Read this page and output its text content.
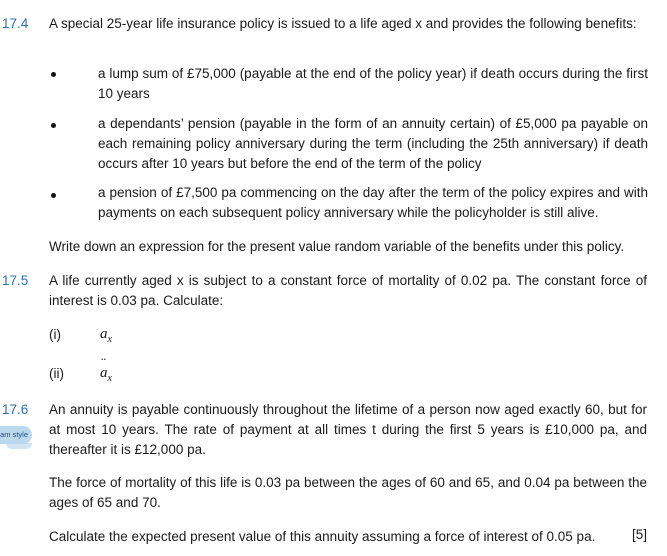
17.4 A special 25-year life insurance policy is issued to a life aged x and provides the following benefits:
a lump sum of £75,000 (payable at the end of the policy year) if death occurs during the first 10 years
a dependants’ pension (payable in the form of an annuity certain) of £5,000 pa payable on each remaining policy anniversary during the term (including the 25th anniversary) if death occurs after 10 years but before the end of the term of the policy
a pension of £7,500 pa commencing on the day after the term of the policy expires and with payments on each subsequent policy anniversary while the policyholder is still alive.
Write down an expression for the present value random variable of the benefits under this policy.
17.5 A life currently aged x is subject to a constant force of mortality of 0.02 pa. The constant force of interest is 0.03 pa. Calculate:
(i)	$a_x$
(ii)
¨ $a_x$
am style
17.6 An annuity is payable continuously throughout the lifetime of a person now aged exactly 60, but for at most 10 years. The rate of payment at all times t during the first 5 years is £10,000 pa, and thereafter it is £12,000 pa.
The force of mortality of this life is 0.03 pa between the ages of 60 and 65, and 0.04 pa between the ages of 65 and 70.
Calculate the expected present value of this annuity assuming a force of interest of 0.05 pa.	[5]
